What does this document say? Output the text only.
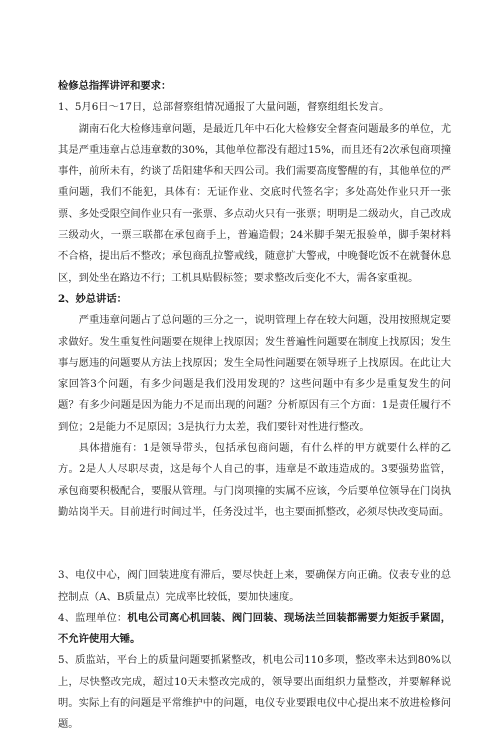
检修总指挥讲评和要求：

1、5月6日～17日，总部督察组情况通报了大量问题，督察组组长发言。

湖南石化大检修违章问题，是最近几年中石化大检修安全督查问题最多的单位，尤其是严重违章占总违章数的30%，其他单位都没有超过15%，而且还有2次承包商项撞事件，前所未有，约谈了岳阳建华和天四公司。我们需要高度警醒的有，其他单位的严重问题，我们不能犯，具体有：无证作业、交底时代签名字；多处高处作业只开一张票、多处受限空间作业只有一张票、多点动火只有一张票；明明是二级动火，自己改成三级动火，一票三联都在承包商手上，普遍造假；24米脚手架无报验单，脚手架材料不合格，提出后不整改；承包商乱拉警戒线，随意扩大警戒，中晚餐吃饭不在就餐休息区，到处坐在路边不行；工机具贴假标签；要求整改后变化不大，需各家重视。

2、妙总讲话：

严重违章问题占了总问题的三分之一，说明管理上存在较大问题，没用按照规定要求做好。发生重复性问题要在规律上找原因；发生普遍性问题要在制度上找原因；发生事与愿违的问题要从方法上找原因；发生全局性问题要在领导班子上找原因。在此让大家回答3个问题，有多少问题是我们没用发现的？这些问题中有多少是重复发生的问题？有多少问题是因为能力不足而出现的问题？分析原因有三个方面：1是责任履行不到位；2是能力不足原因；3是执行力太差，我们要针对性进行整改。

具体措施有：1是领导带头，包括承包商问题，有什么样的甲方就要什么样的乙方。2是人人尽职尽责，这是每个人自己的事，违章是不敢违造成的。3要强势监管，承包商要积极配合，要服从管理。与门岗项撞的实属不应该，今后要单位领导在门岗执勤站岗半天。目前进行时间过半，任务没过半，也主要面抓整改，必须尽快改变局面。

3、电仪中心，阀门回装进度有滞后，要尽快赶上来，要确保方向正确。仪表专业的总控制点（A、B质量点）完成率比较低，要加快速度。

4、监理单位：机电公司离心机回装、阀门回装、现场法兰回装都需要力矩扳手紧固，不允许使用大锤。

5、质监站，平台上的质量问题要抓紧整改，机电公司110多项，整改率未达到80%以上，尽快整改完成，超过10天未整改完成的，领导要出面组织力量整改，并要解释说明。实际上有的问题是平常维护中的问题，电仪专业要跟电仪中心提出来不放进检修问题。
